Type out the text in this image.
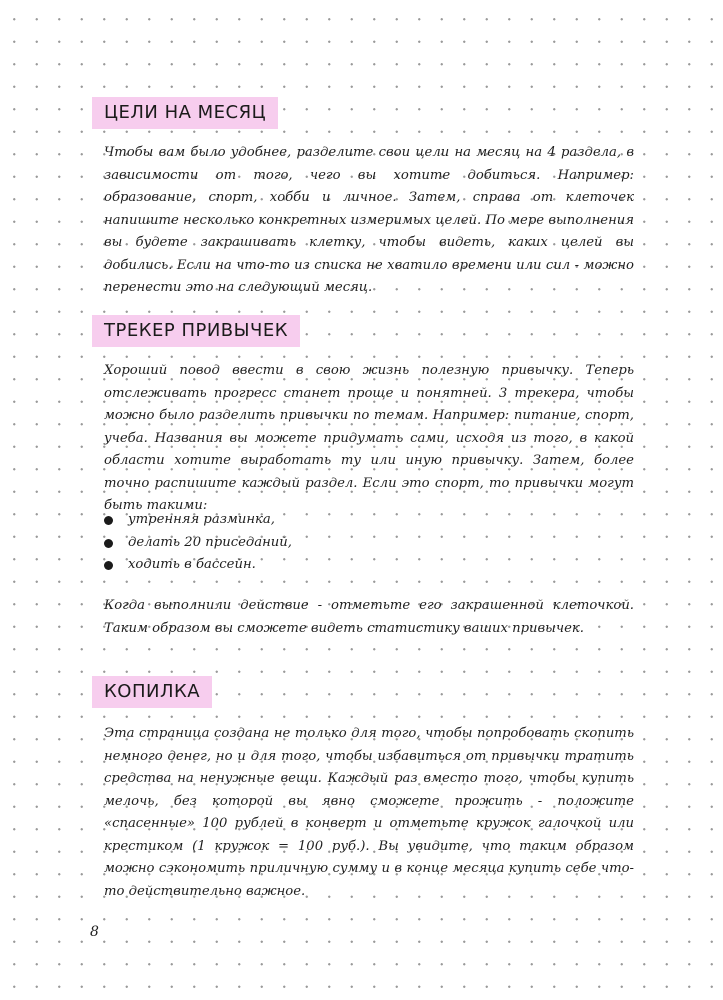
ЦЕЛИ НА МЕСЯЦ

Чтобы вам было удобнее, разделите свои цели на месяц на 4 раздела, в зависимости от того, чего вы хотите добиться. Например: образование, спорт, хобби и личное. Затем, справа от клеточек напишите несколько конкретных измеримых целей. По мере выполнения вы будете закрашивать клетку, чтобы видеть, каких целей вы добились. Если на что-то из списка не хватило времени или сил - можно перенести это на следующий месяц.

ТРЕКЕР ПРИВЫЧЕК

Хороший повод ввести в свою жизнь полезную привычку. Теперь отслеживать прогресс станет проще и понятней. 3 трекера, чтобы можно было разделить привычки по темам. Например: питание, спорт, учеба. Названия вы можете придумать сами, исходя из того, в какой области хотите выработать ту или иную привычку. Затем, более точно распишите каждый раздел. Если это спорт, то привычки могут быть такими:

утренняя разминка,
делать 20 приседаний,
ходить в бассейн.

Когда выполнили действие - отметьте его закрашенной клеточкой. Таким образом вы сможете видеть статистику ваших привычек.

КОПИЛКА

Эта страница создана не только для того, чтобы попробовать скопить немного денег, но и для того, чтобы избавиться от привычки тратить средства на ненужные вещи. Каждый раз вместо того, чтобы купить мелочь, без которой вы явно сможете прожить - положите «спасенные» 100 рублей в конверт и отметьте кружок галочкой или крестиком (1 кружок = 100 руб.). Вы увидите, что таким образом можно сэкономить приличную сумму и в конце месяца купить себе что-то действительно важное.

8
